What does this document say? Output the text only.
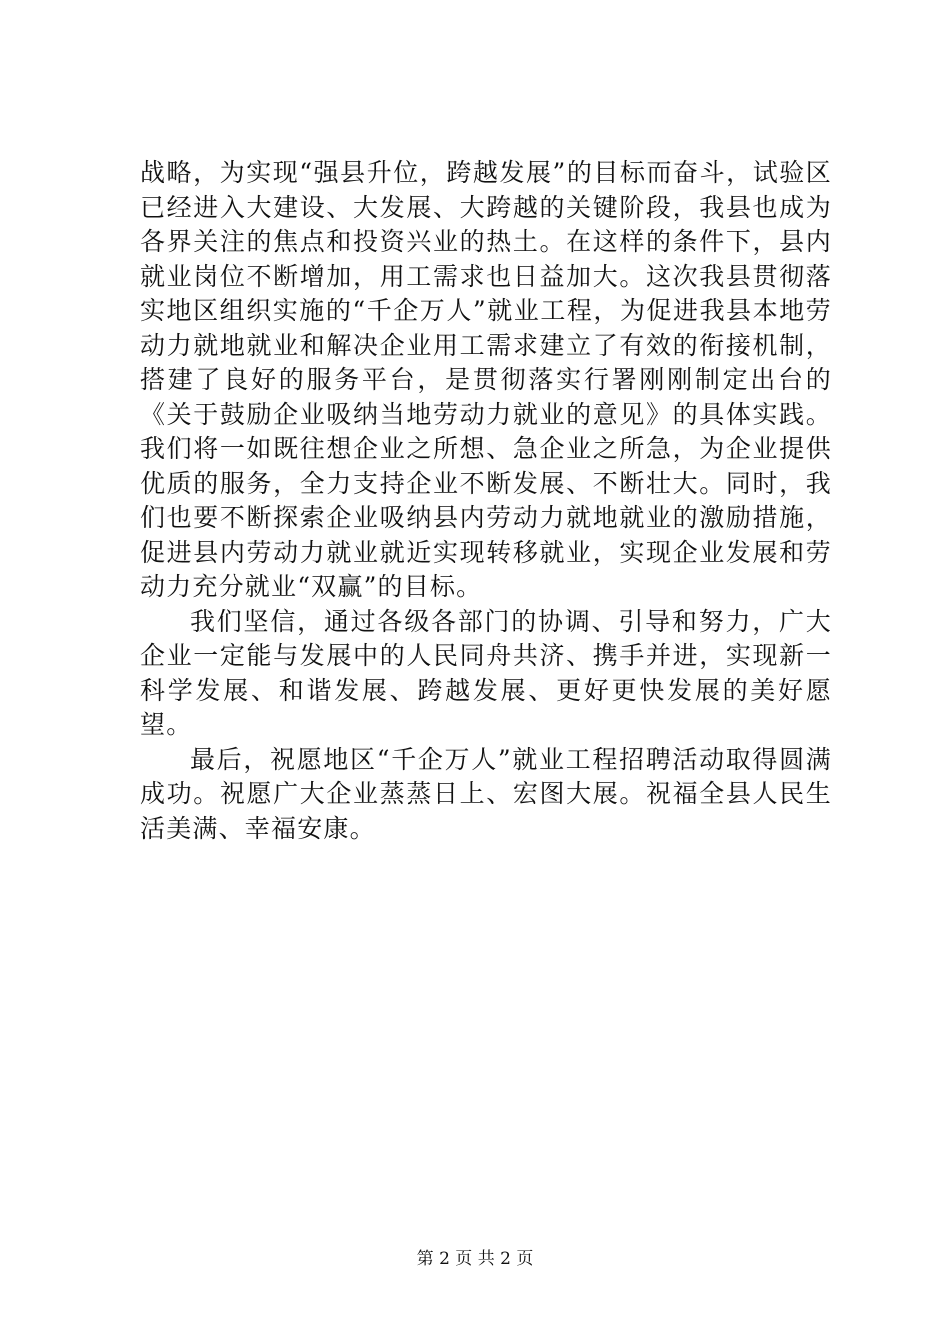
战略，为实现“强县升位，跨越发展”的目标而奋斗，试验区已经进入大建设、大发展、大跨越的关键阶段，我县也成为各界关注的焦点和投资兴业的热土。在这样的条件下，县内就业岗位不断增加，用工需求也日益加大。这次我县贯彻落实地区组织实施的“千企万人”就业工程，为促进我县本地劳动力就地就业和解决企业用工需求建立了有效的衔接机制，搭建了良好的服务平台，是贯彻落实行署刚刚制定出台的《关于鼓励企业吸纳当地劳动力就业的意见》的具体实践。我们将一如既往想企业之所想、急企业之所急，为企业提供优质的服务，全力支持企业不断发展、不断壮大。同时，我们也要不断探索企业吸纳县内劳动力就地就业的激励措施，促进县内劳动力就业就近实现转移就业，实现企业发展和劳动力充分就业“双赢”的目标。

我们坚信，通过各级各部门的协调、引导和努力，广大企业一定能与发展中的人民同舟共济、携手并进，实现新一科学发展、和谐发展、跨越发展、更好更快发展的美好愿望。

最后，祝愿地区“千企万人”就业工程招聘活动取得圆满成功。祝愿广大企业蒸蒸日上、宏图大展。祝福全县人民生活美满、幸福安康。

第 2 页 共 2 页
